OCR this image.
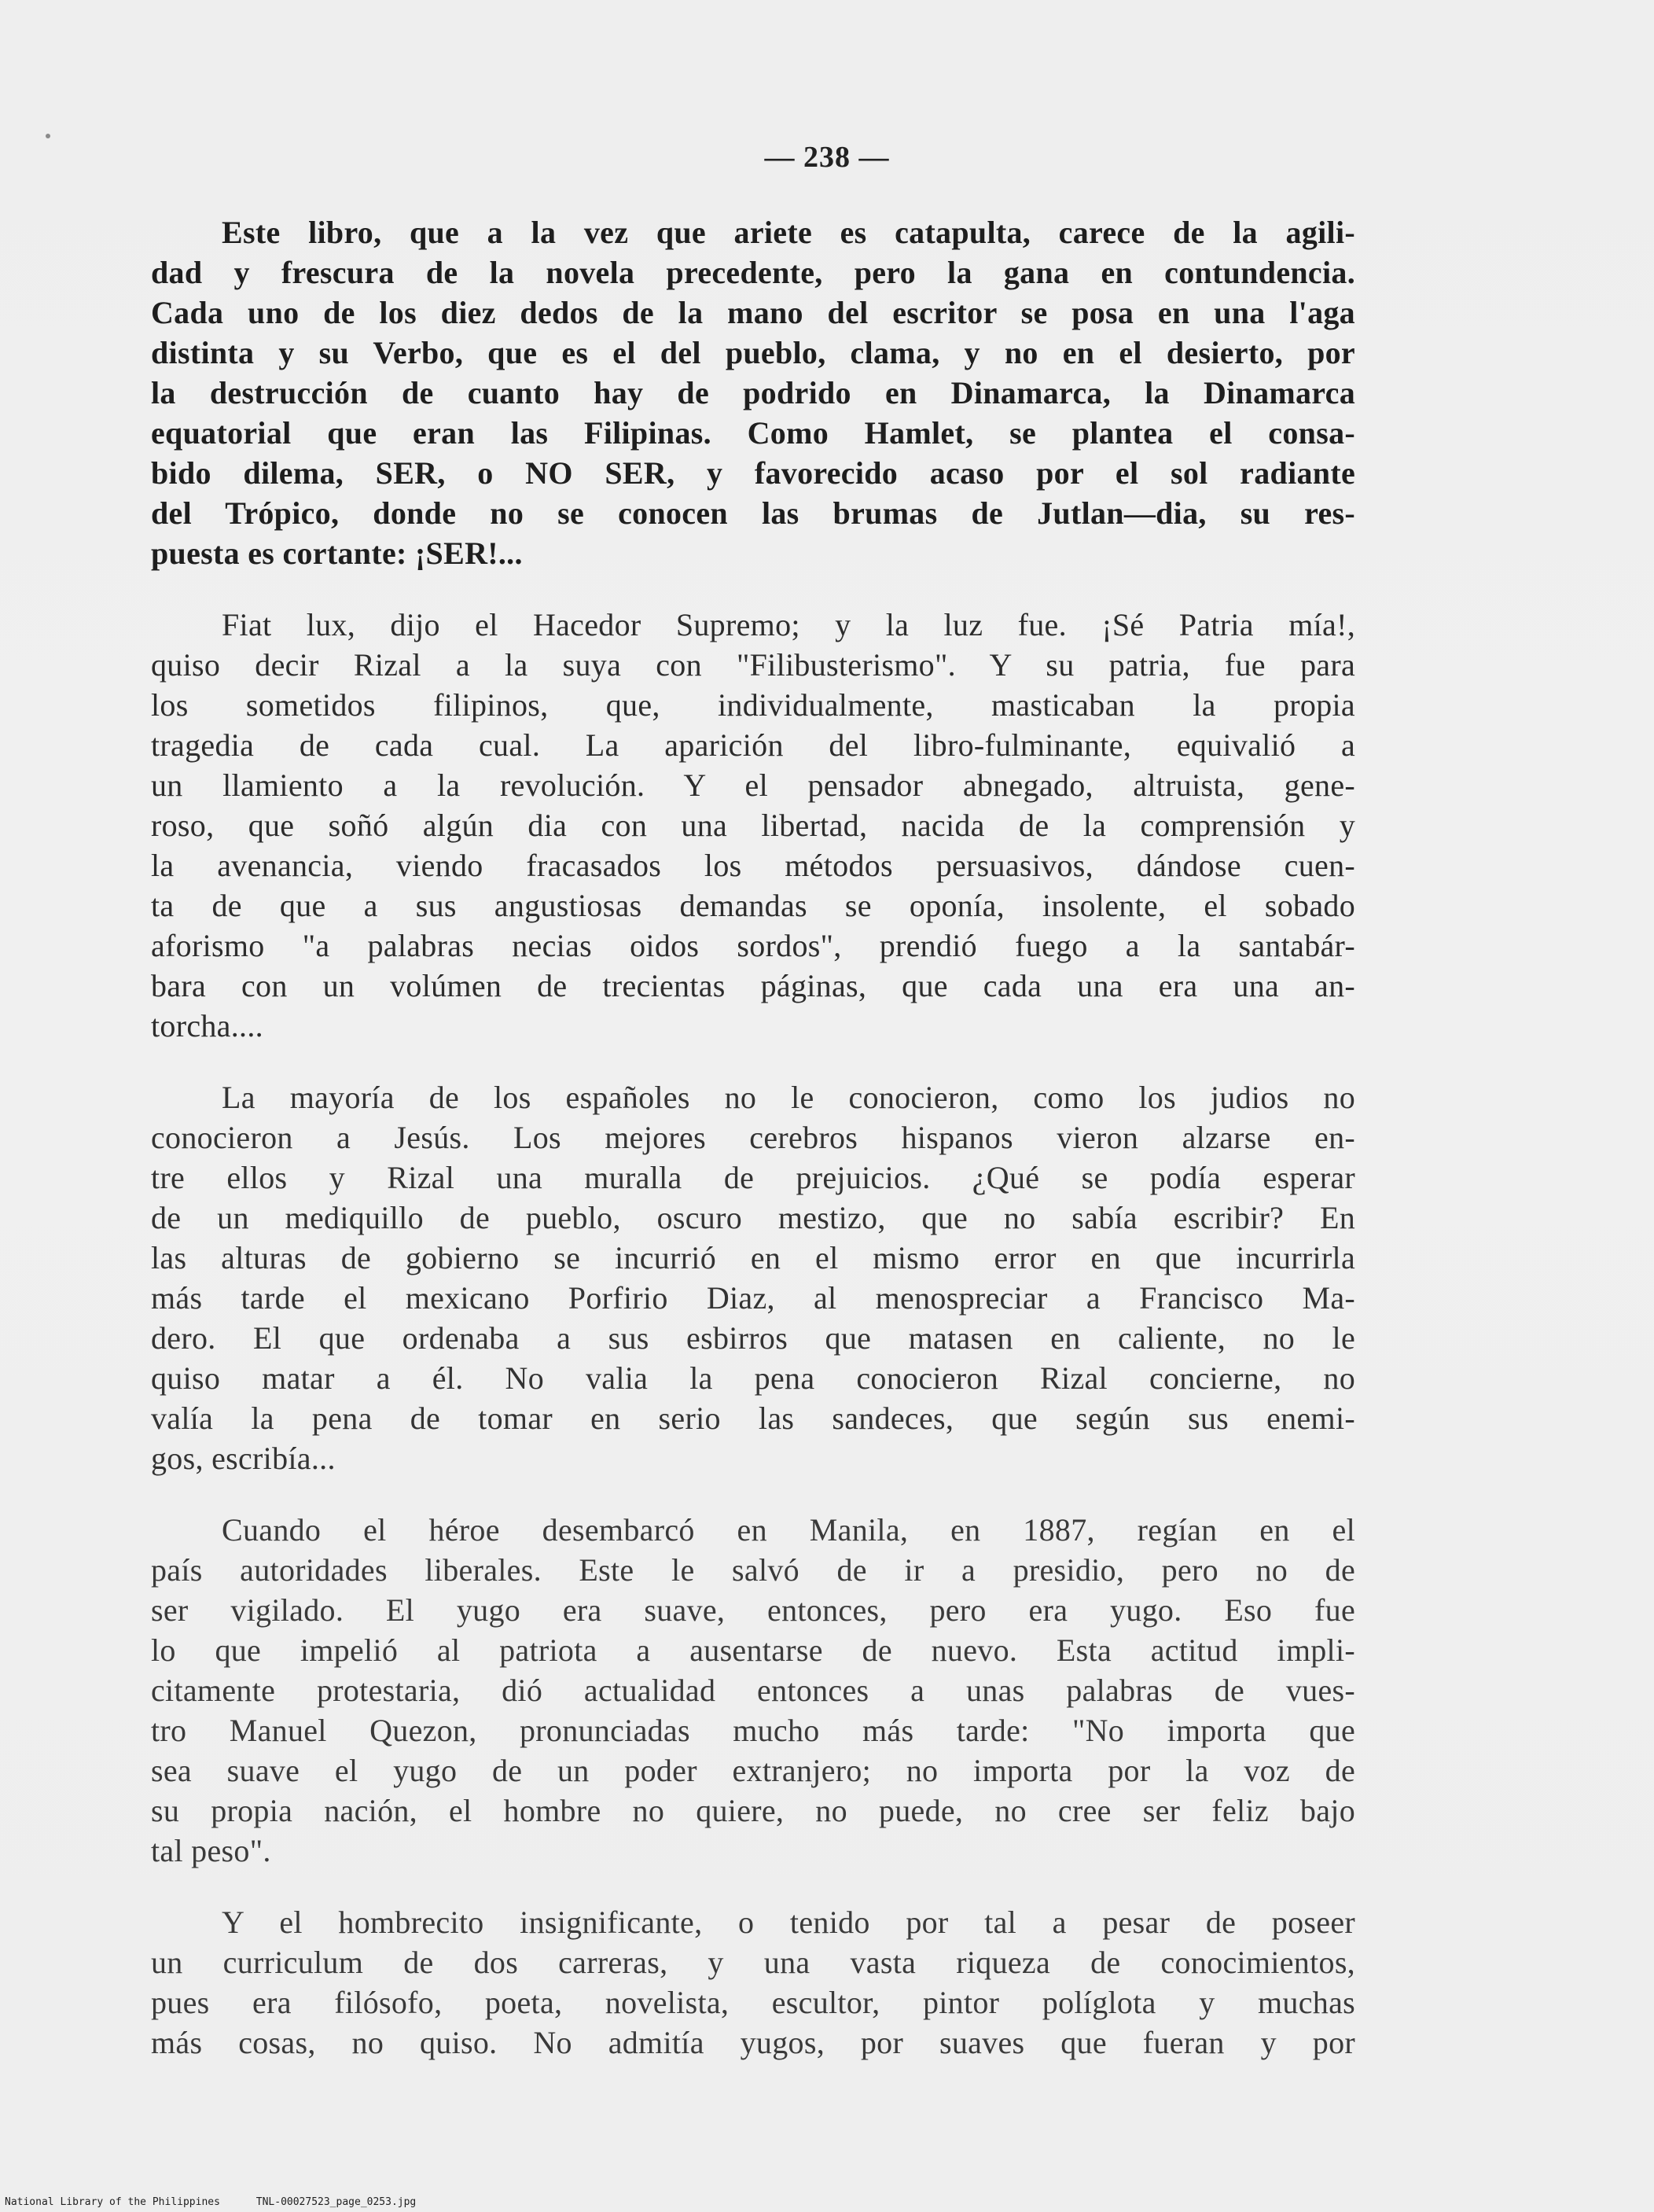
— 238 —
Este libro, que a la vez que ariete es catapulta, carece de la agili-
dad y frescura de la novela precedente, pero la gana en contundencia.
Cada uno de los diez dedos de la mano del escritor se posa en una l'aga
distinta y su Verbo, que es el del pueblo, clama, y no en el desierto, por
la destrucción de cuanto hay de podrido en Dinamarca, la Dinamarca
equatorial que eran las Filipinas. Como Hamlet, se plantea el consa-
bido dilema, SER, o NO SER, y favorecido acaso por el sol radiante
del Trópico, donde no se conocen las brumas de Jutlan—dia, su res-
puesta es cortante: ¡SER!...
Fiat lux, dijo el Hacedor Supremo; y la luz fue. ¡Sé Patria mía!,
quiso decir Rizal a la suya con "Filibusterismo". Y su patria, fue para
los sometidos filipinos, que, individualmente, masticaban la propia
tragedia de cada cual. La aparición del libro-fulminante, equivalió a
un llamiento a la revolución. Y el pensador abnegado, altruista, gene-
roso, que soñó algún dia con una libertad, nacida de la comprensión y
la avenancia, viendo fracasados los métodos persuasivos, dándose cuen-
ta de que a sus angustiosas demandas se oponía, insolente, el sobado
aforismo "a palabras necias oidos sordos", prendió fuego a la santabár-
bara con un volúmen de trecientas páginas, que cada una era una an-
torcha....
La mayoría de los españoles no le conocieron, como los judios no
conocieron a Jesús. Los mejores cerebros hispanos vieron alzarse en-
tre ellos y Rizal una muralla de prejuicios. ¿Qué se podía esperar
de un mediquillo de pueblo, oscuro mestizo, que no sabía escribir? En
las alturas de gobierno se incurrió en el mismo error en que incurrirla
más tarde el mexicano Porfirio Diaz, al menospreciar a Francisco Ma-
dero. El que ordenaba a sus esbirros que matasen en caliente, no le
quiso matar a él. No valia la pena conocieron Rizal concierne, no
valía la pena de tomar en serio las sandeces, que según sus enemi-
gos, escribía...
Cuando el héroe desembarcó en Manila, en 1887, regían en el
país autoridades liberales. Este le salvó de ir a presidio, pero no de
ser vigilado. El yugo era suave, entonces, pero era yugo. Eso fue
lo que impelió al patriota a ausentarse de nuevo. Esta actitud impli-
citamente protestaria, dió actualidad entonces a unas palabras de vues-
tro Manuel Quezon, pronunciadas mucho más tarde: "No importa que
sea suave el yugo de un poder extranjero; no importa por la voz de
su propia nación, el hombre no quiere, no puede, no cree ser feliz bajo
tal peso".
Y el hombrecito insignificante, o tenido por tal a pesar de poseer
un curriculum de dos carreras, y una vasta riqueza de conocimientos,
pues era filósofo, poeta, novelista, escultor, pintor políglota y muchas
más cosas, no quiso. No admitía yugos, por suaves que fueran y por
National Library of the Philippines	TNL-00027523_page_0253.jpg
